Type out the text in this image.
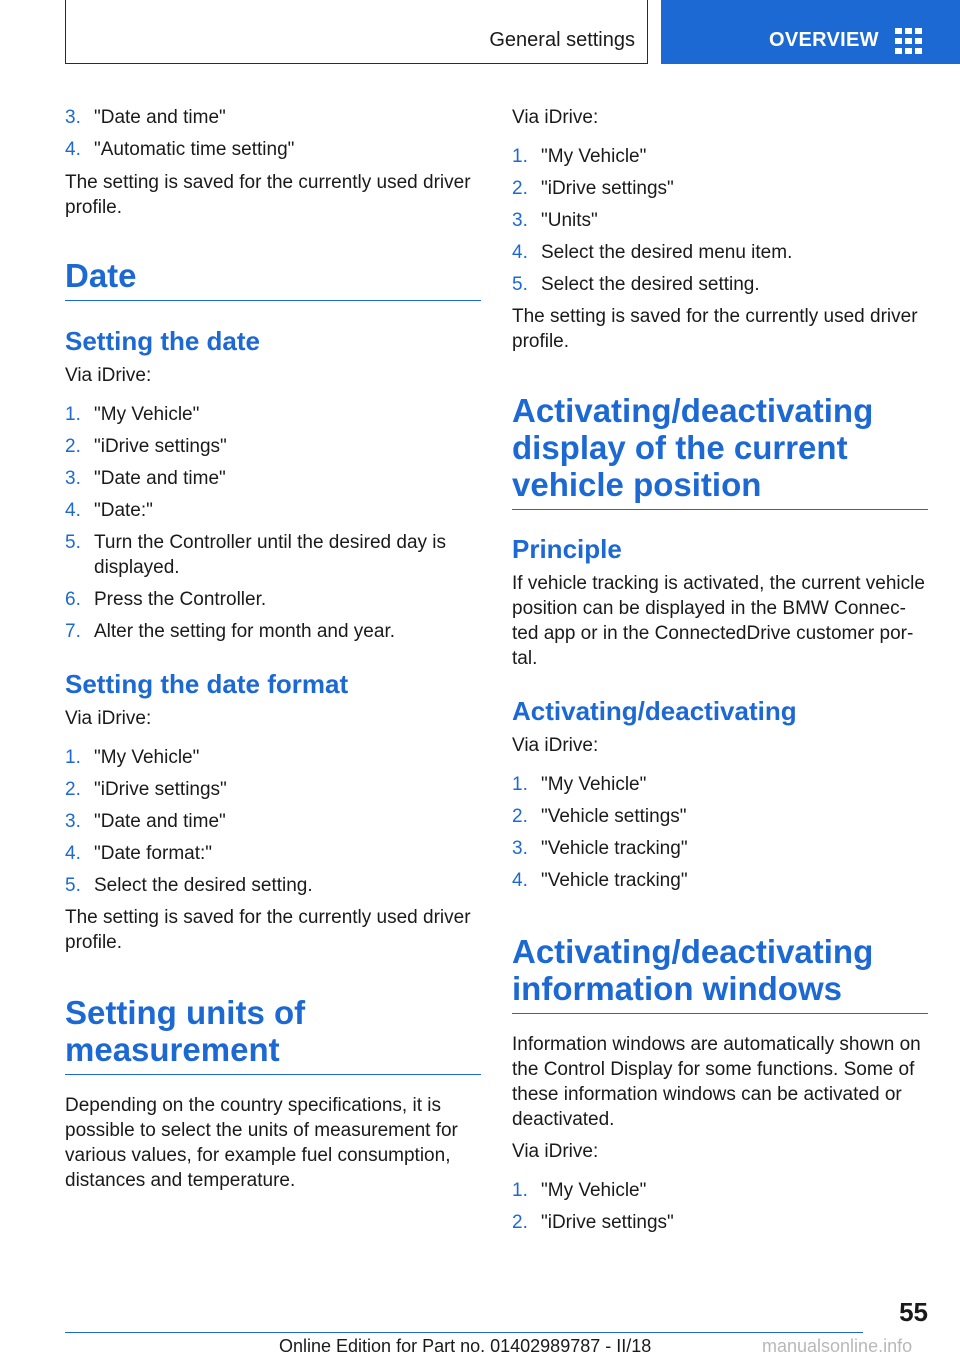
General settings	OVERVIEW
3. "Date and time"
4. "Automatic time setting"

The setting is saved for the currently used driver profile.

Date
Setting the date

Via iDrive:

1. "My Vehicle"
2. "iDrive settings"
3. "Date and time"
4. "Date:"
5. Turn the Controller until the desired day is displayed.
6. Press the Controller.
7. Alter the setting for month and year.
Setting the date format

Via iDrive:

1. "My Vehicle"
2. "iDrive settings"
3. "Date and time"
4. "Date format:"
5. Select the desired setting.

The setting is saved for the currently used driver profile.

Setting units of measurement

Depending on the country specifications, it is possible to select the units of measurement for various values, for example fuel consumption, distances and temperature.

Via iDrive:

1. "My Vehicle"
2. "iDrive settings"
3. "Units"
4. Select the desired menu item.
5. Select the desired setting.

The setting is saved for the currently used driver profile.

Activating/deactivating display of the current vehicle position
Principle

If vehicle tracking is activated, the current vehicle position can be displayed in the BMW Connec‐ted app or in the ConnectedDrive customer por‐tal.

Activating/deactivating

Via iDrive:

1. "My Vehicle"
2. "Vehicle settings"
3. "Vehicle tracking"
4. "Vehicle tracking"
Activating/deactivating information windows

Information windows are automatically shown on the Control Display for some functions. Some of these information windows can be activated or deactivated.

Via iDrive:

1. "My Vehicle"
2. "iDrive settings"
55
Online Edition for Part no. 01402989787 - II/18	manualsonline.info
